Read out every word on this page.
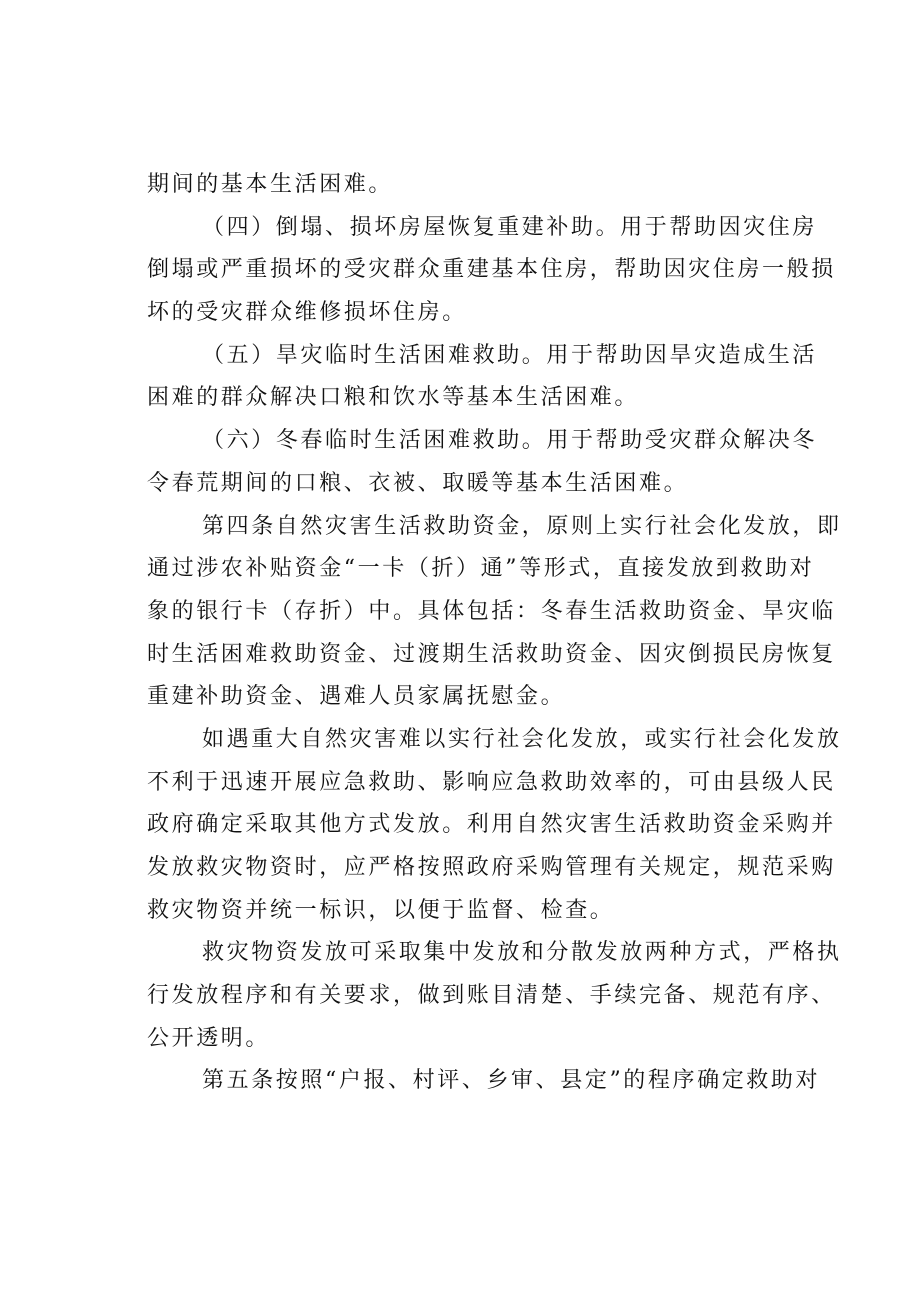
期间的基本生活困难。
（四）倒塌、损坏房屋恢复重建补助。用于帮助因灾住房
倒塌或严重损坏的受灾群众重建基本住房，帮助因灾住房一般损
坏的受灾群众维修损坏住房。
（五）旱灾临时生活困难救助。用于帮助因旱灾造成生活
困难的群众解决口粮和饮水等基本生活困难。
（六）冬春临时生活困难救助。用于帮助受灾群众解决冬
令春荒期间的口粮、衣被、取暖等基本生活困难。
第四条自然灾害生活救助资金，原则上实行社会化发放，即
通过涉农补贴资金“一卡（折）通”等形式，直接发放到救助对
象的银行卡（存折）中。具体包括：冬春生活救助资金、旱灾临
时生活困难救助资金、过渡期生活救助资金、因灾倒损民房恢复
重建补助资金、遇难人员家属抚慰金。
如遇重大自然灾害难以实行社会化发放，或实行社会化发放
不利于迅速开展应急救助、影响应急救助效率的，可由县级人民
政府确定采取其他方式发放。利用自然灾害生活救助资金采购并
发放救灾物资时，应严格按照政府采购管理有关规定，规范采购
救灾物资并统一标识，以便于监督、检查。
救灾物资发放可采取集中发放和分散发放两种方式，严格执
行发放程序和有关要求，做到账目清楚、手续完备、规范有序、
公开透明。
第五条按照“户报、村评、乡审、县定”的程序确定救助对
